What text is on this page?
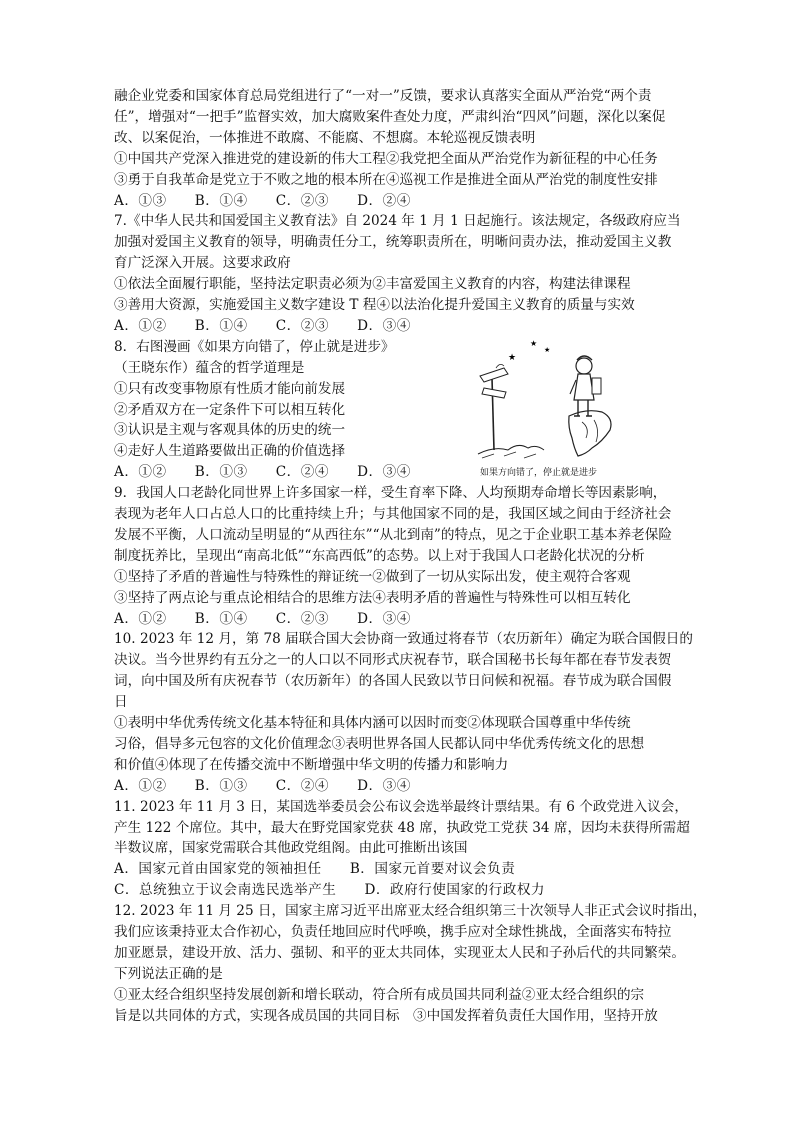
融企业党委和国家体育总局党组进行了“一对一”反馈，要求认真落实全面从严治党“两个责
任”，增强对“一把手”监督实效，加大腐败案件查处力度，严肃纠治“四风”问题，深化以案促
改、以案促治，一体推进不敢腐、不能腐、不想腐。本轮巡视反馈表明
①中国共产党深入推进党的建设新的伟大工程②我党把全面从严治党作为新征程的中心任务
③勇于自我革命是党立于不败之地的根本所在④巡视工作是推进全面从严治党的制度性安排
A．①③　　B．①④　　C．②③　　D．②④
7.《中华人民共和国爱国主义教育法》自 2024 年 1 月 1 日起施行。该法规定，各级政府应当
加强对爱国主义教育的领导，明确责任分工，统筹职责所在，明晰问责办法，推动爱国主义教
育广泛深入开展。这要求政府
①依法全面履行职能，坚持法定职责必须为②丰富爱国主义教育的内容，构建法律课程
③善用大资源，实施爱国主义数字建设 T 程④以法治化提升爱国主义教育的质量与实效
A．①②　　B．①④　　C．②③　　D．③④
8．右图漫画《如果方向错了，停止就是进步》
（王晓东作）蕴含的哲学道理是
①只有改变事物原有性质才能向前发展
②矛盾双方在一定条件下可以相互转化
③认识是主观与客观具体的历史的统一
④走好人生道路要做出正确的价值选择
A．①②　　B．①③　　C．②④　　D．③④
9．我国人口老龄化同世界上许多国家一样，受生育率下降、人均预期寿命增长等因素影响，
表现为老年人口占总人口的比重持续上升；与其他国家不同的是，我国区域之间由于经济社会
发展不平衡，人口流动呈明显的“从西往东”“从北到南”的特点，见之于企业职工基本养老保险
制度抚养比，呈现出“南高北低”“东高西低”的态势。以上对于我国人口老龄化状况的分析
①坚持了矛盾的普遍性与特殊性的辩证统一②做到了一切从实际出发，使主观符合客观
③坚持了两点论与重点论相结合的思维方法④表明矛盾的普遍性与特殊性可以相互转化
A．①②　　B．①④　　C．②③　　D．③④
10. 2023 年 12 月，第 78 届联合国大会协商一致通过将春节（农历新年）确定为联合国假日的
决议。当今世界约有五分之一的人口以不同形式庆祝春节，联合国秘书长每年都在春节发表贺
词，向中国及所有庆祝春节（农历新年）的各国人民致以节日问候和祝福。春节成为联合国假
日
①表明中华优秀传统文化基本特征和具体内涵可以因时而变②体现联合国尊重中华传统
习俗，倡导多元包容的文化价值理念③表明世界各国人民都认同中华优秀传统文化的思想
和价值④体现了在传播交流中不断增强中华文明的传播力和影响力
A．①②　　B．①③　　C．②④　　D．③④
11. 2023 年 11 月 3 日，某国选举委员会公布议会选举最终计票结果。有 6 个政党进入议会，
产生 122 个席位。其中，最大在野党国家党获 48 席，执政党工党获 34 席，因均未获得所需超
半数议席，国家党需联合其他政党组阁。由此可推断出该国
A．国家元首由国家党的领袖担任　　B．国家元首要对议会负责
C．总统独立于议会南选民选举产生　　D．政府行使国家的行政权力
12. 2023 年 11 月 25 日，国家主席习近平出席亚太经合组织第三十次领导人非正式会议时指出，
我们应该秉持亚太合作初心，负责任地回应时代呼唤，携手应对全球性挑战，全面落实布特拉
加亚愿景，建设开放、活力、强韧、和平的亚太共同体，实现亚太人民和子孙后代的共同繁荣。
下列说法正确的是
①亚太经合组织坚持发展创新和增长联动，符合所有成员国共同利益②亚太经合组织的宗
旨是以共同体的方式，实现各成员国的共同目标　③中国发挥着负责任大国作用，坚持开放
★
★
★
如果方向错了，停止就是进步
